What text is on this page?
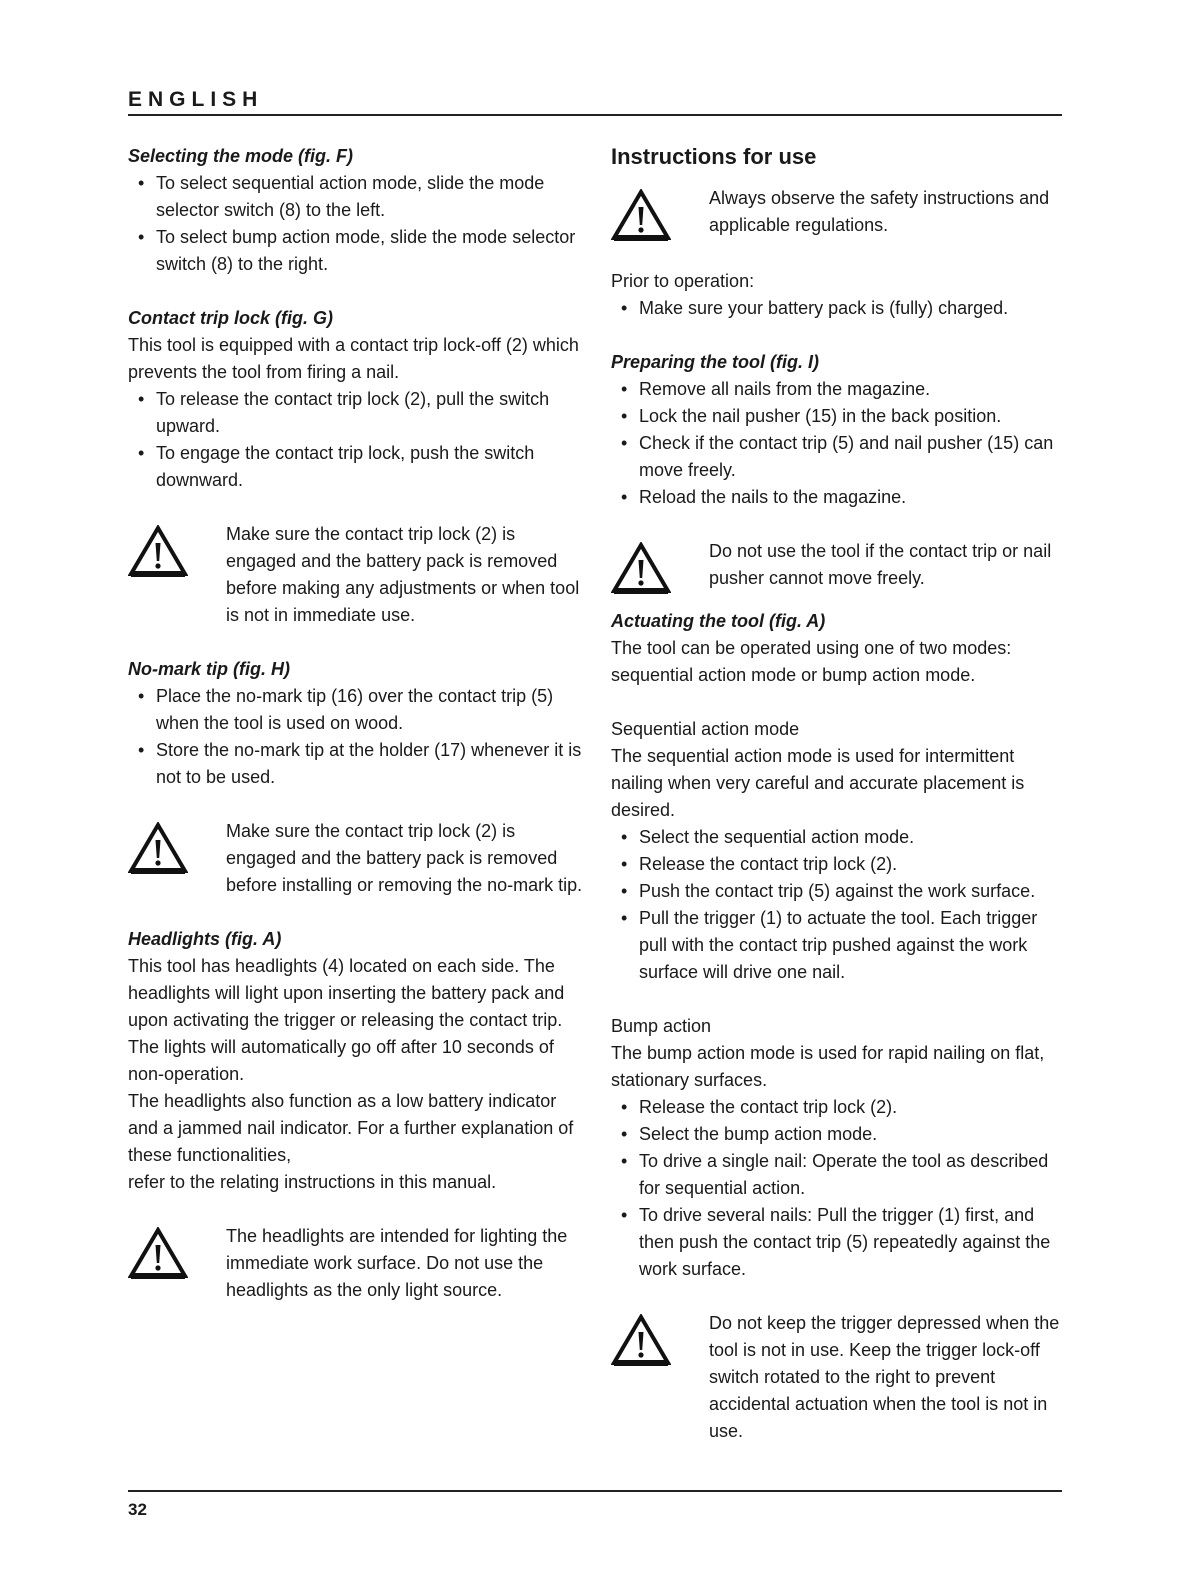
ENGLISH

Selecting the mode (fig. F)

• To select sequential action mode, slide the mode selector switch (8) to the left.
• To select bump action mode, slide the mode selector switch (8) to the right.

Contact trip lock (fig. G)

This tool is equipped with a contact trip lock-off (2) which prevents the tool from firing a nail.

• To release the contact trip lock (2), pull the switch upward.
• To engage the contact trip lock, push the switch downward.

Make sure the contact trip lock (2) is engaged and the battery pack is removed before making any adjustments or when tool is not in immediate use.

No-mark tip (fig. H)

• Place the no-mark tip (16) over the contact trip (5) when the tool is used on wood.
• Store the no-mark tip at the holder (17) whenever it is not to be used.

Make sure the contact trip lock (2) is engaged and the battery pack is removed before installing or removing the no-mark tip.

Headlights (fig. A)

This tool has headlights (4) located on each side. The headlights will light upon inserting the battery pack and upon activating the trigger or releasing the contact trip. The lights will automatically go off after 10 seconds of non-operation.

The headlights also function as a low battery indicator and a jammed nail indicator. For a further explanation of these functionalities,

refer to the relating instructions in this manual.

The headlights are intended for lighting the immediate work surface. Do not use the headlights as the only light source.

Instructions for use

Always observe the safety instructions and applicable regulations.

Prior to operation:

• Make sure your battery pack is (fully) charged.

Preparing the tool (fig. I)

• Remove all nails from the magazine.
• Lock the nail pusher (15) in the back position.
• Check if the contact trip (5) and nail pusher (15) can move freely.
• Reload the nails to the magazine.

Do not use the tool if the contact trip or nail pusher cannot move freely.

Actuating the tool (fig. A)

The tool can be operated using one of two modes: sequential action mode or bump action mode.

Sequential action mode

The sequential action mode is used for intermittent nailing when very careful and accurate placement is desired.

• Select the sequential action mode.
• Release the contact trip lock (2).
• Push the contact trip (5) against the work surface.
• Pull the trigger (1) to actuate the tool. Each trigger pull with the contact trip pushed against the work surface will drive one nail.

Bump action

The bump action mode is used for rapid nailing on flat, stationary surfaces.

• Release the contact trip lock (2).
• Select the bump action mode.
• To drive a single nail: Operate the tool as described for sequential action.
• To drive several nails: Pull the trigger (1) first, and then push the contact trip (5) repeatedly against the work surface.

Do not keep the trigger depressed when the tool is not in use. Keep the trigger lock-off switch rotated to the right to prevent accidental actuation when the tool is not in use.

32
